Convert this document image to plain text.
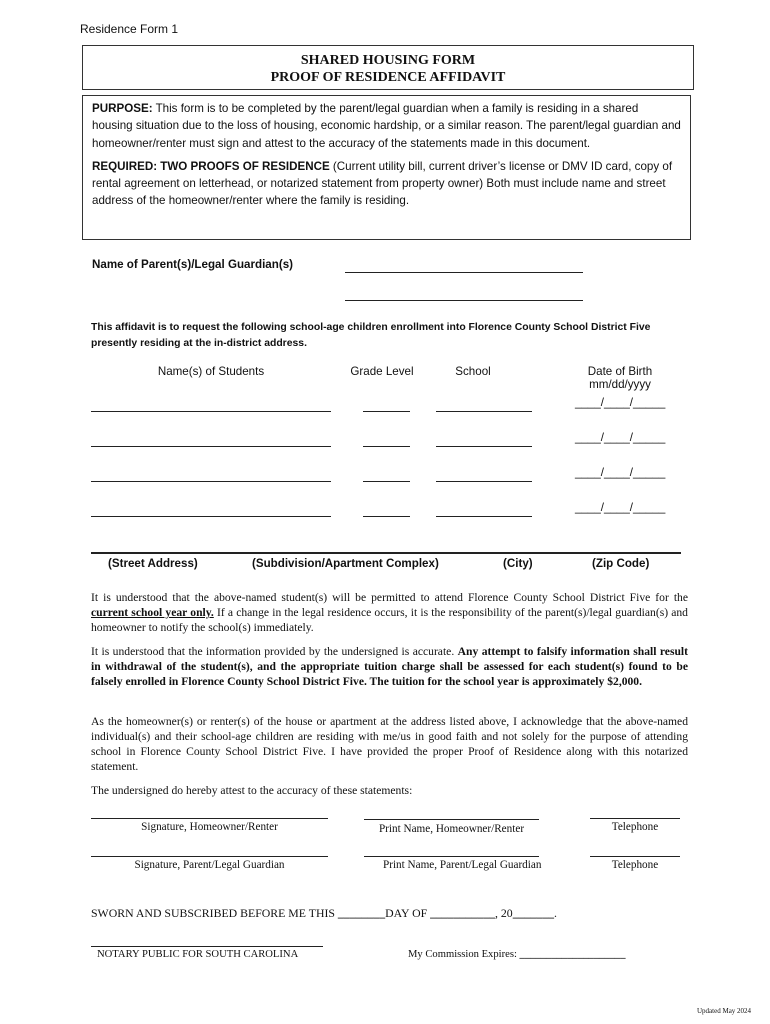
Residence Form 1
SHARED HOUSING FORM
PROOF OF RESIDENCE AFFIDAVIT

PURPOSE: This form is to be completed by the parent/legal guardian when a family is residing in a shared housing situation due to the loss of housing, economic hardship, or a similar reason. The parent/legal guardian and homeowner/renter must sign and attest to the accuracy of the statements made in this document.

REQUIRED: TWO PROOFS OF RESIDENCE (Current utility bill, current driver’s license or DMV ID card, copy of rental agreement on letterhead, or notarized statement from property owner) Both must include name and street address of the homeowner/renter where the family is residing.

Name of Parent(s)/Legal Guardian(s)
This affidavit is to request the following school-age children enrollment into Florence County School District Five presently residing at the in-district address.
Name(s) of Students	Grade Level	School	Date of Birth
mm/dd/yyyy
____/____/_____
____/____/_____
____/____/_____
____/____/_____
(Street Address)	(Subdivision/Apartment Complex)	(City)	(Zip Code)
It is understood that the above-named student(s) will be permitted to attend Florence County School District Five for the current school year only. If a change in the legal residence occurs, it is the responsibility of the parent(s)/legal guardian(s) and homeowner to notify the school(s) immediately.
It is understood that the information provided by the undersigned is accurate. Any attempt to falsify information shall result in withdrawal of the student(s), and the appropriate tuition charge shall be assessed for each student(s) found to be falsely enrolled in Florence County School District Five. The tuition for the school year is approximately $2,000.
As the homeowner(s) or renter(s) of the house or apartment at the address listed above, I acknowledge that the above-named individual(s) and their school-age children are residing with me/us in good faith and not solely for the purpose of attending school in Florence County School District Five. I have provided the proper Proof of Residence along with this notarized statement.
The undersigned do hereby attest to the accuracy of these statements:
Signature, Homeowner/Renter	Print Name, Homeowner/Renter	Telephone
Signature, Parent/Legal Guardian	Print Name, Parent/Legal Guardian	Telephone
SWORN AND SUBSCRIBED BEFORE ME THIS ________DAY OF ___________, 20_______.
NOTARY PUBLIC FOR SOUTH CAROLINA	My Commission Expires: ____________________
Updated May 2024
